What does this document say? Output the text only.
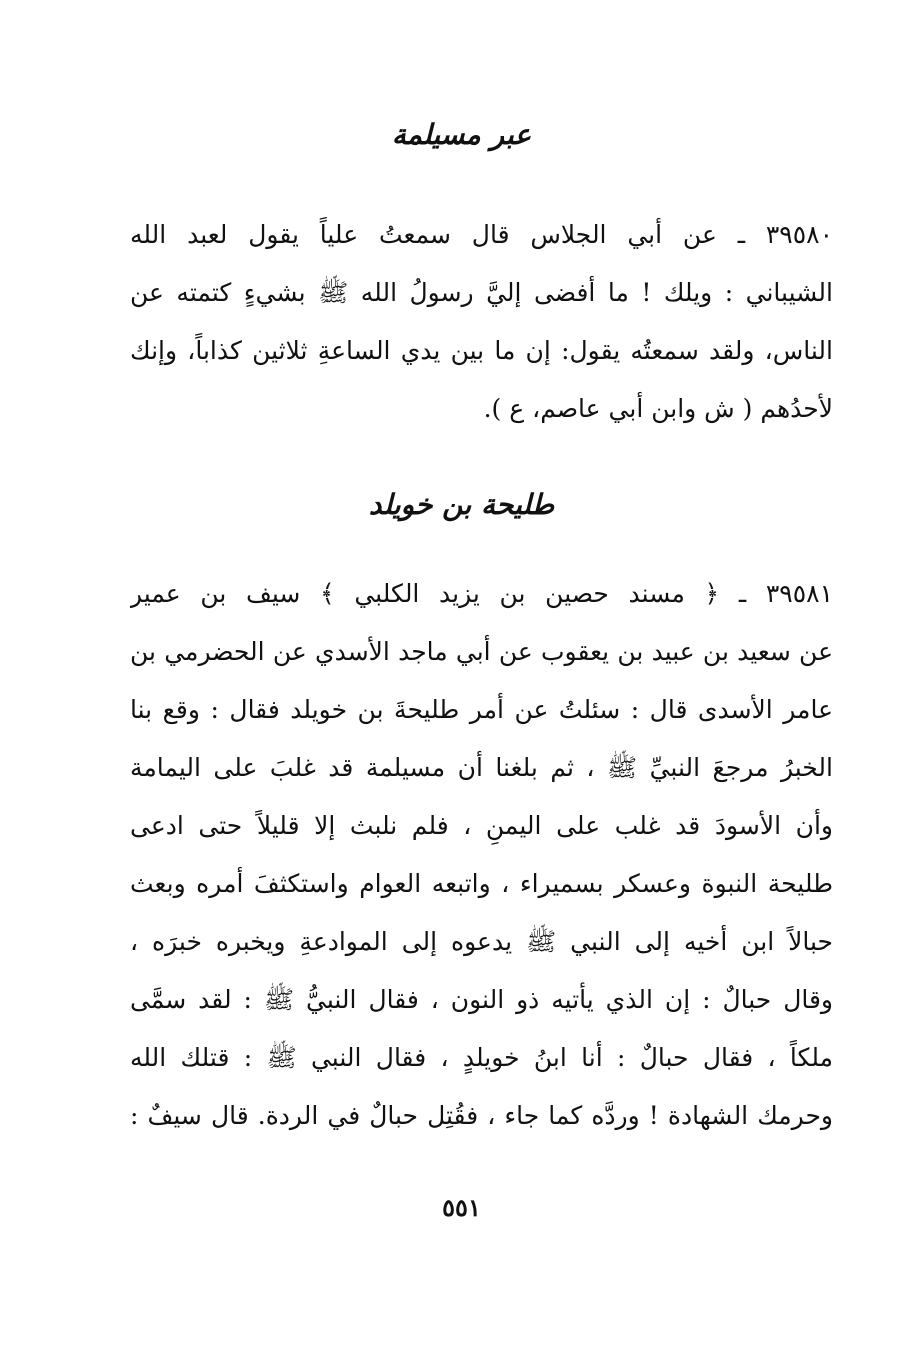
عبر مسيلمة
٣٩٥٨٠ ـ عن أبي الجلاس قال سمعتُ علياً يقول لعبد الله
الشيباني : ويلك ! ما أفضى إليَّ رسولُ الله ﷺ بشيءٍ كتمته عن
الناس، ولقد سمعتُه يقول: إن ما بين يدي الساعةِ ثلاثين كذاباً، وإنك
لأحدُهم ( ش وابن أبي عاصم، ع ).
طليحة بن خويلد
٣٩٥٨١ ـ ﴿ مسند حصين بن يزيد الكلبي ﴾ سيف بن عمير
عن سعيد بن عبيد بن يعقوب عن أبي ماجد الأسدي عن الحضرمي بن
عامر الأسدى قال : سئلتُ عن أمر طليحةَ بن خويلد فقال : وقع بنا
الخبرُ مرجعَ النبيِّ ﷺ ، ثم بلغنا أن مسيلمة قد غلبَ على اليمامة
وأن الأسودَ قد غلب على اليمنِ ، فلم نلبث إلا قليلاً حتى ادعى
طليحة النبوة وعسكر بسميراء ، واتبعه العوام واستكثفَ أمره وبعث
حبالاً ابن أخيه إلى النبي ﷺ يدعوه إلى الموادعةِ ويخبره خبرَه ،
وقال حبالٌ : إن الذي يأتيه ذو النون ، فقال النبيُّ ﷺ : لقد سمَّى
ملكاً ، فقال حبالٌ : أنا ابنُ خويلدٍ ، فقال النبي ﷺ : قتلك الله
وحرمك الشهادة ! وردَّه كما جاء ، فقُتِل حبالٌ في الردة. قال سيفٌ :
٥٥١
